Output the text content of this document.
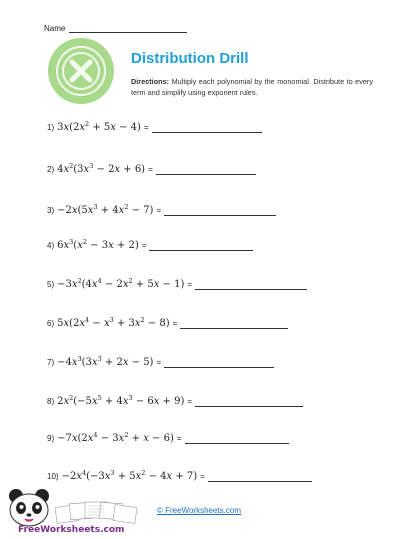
Name
Distribution Drill
Directions: Multiply each polynomial by the monomial. Distribute to every term and simplify using exponent rules.
1) $3x(2x^2 + 5x - 4)$ =
2) $4x^2(3x^3 - 2x + 6)$ =
$3) -2x(5x^3 + 4x^2 - 7)$ =
4) $6x^3(x^2 - 3x + 2)$ =
$5) -3x^2(4x^4 - 2x^2 + 5x - 1)$ =
6) $5x(2x^4 - x^3 + 3x^2 - 8)$ =
$7) -4x^3(3x^3 + 2x - 5)$ =
8) $2x^2(-5x^5 + 4x^3 - 6x + 9)$ =
$9) -7x(2x^4 - 3x^2 + x - 6)$ =
$10) -2x^4(-3x^3 + 5x^2 - 4x + 7)$ =
FreeWorksheets.com
© FreeWorksheets.com
